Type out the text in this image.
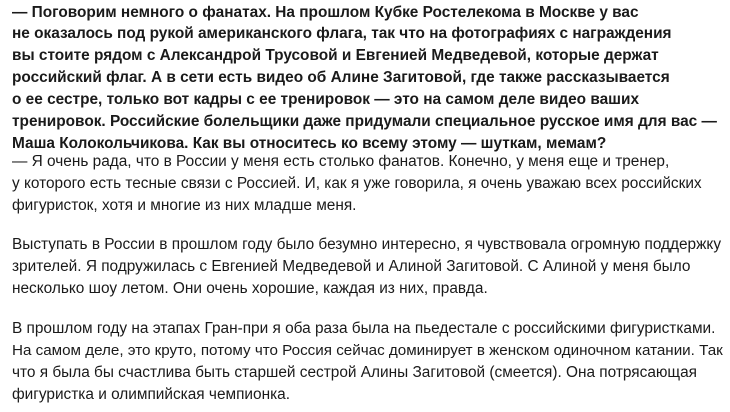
— Поговорим немного о фанатах. На прошлом Кубке Ростелекома в Москве у вас
не оказалось под рукой американского флага, так что на фотографиях с награждения
вы стоите рядом с Александрой Трусовой и Евгенией Медведевой, которые держат
российский флаг. А в сети есть видео об Алине Загитовой, где также рассказывается
о ее сестре, только вот кадры с ее тренировок — это на самом деле видео ваших
тренировок. Российские болельщики даже придумали специальное русское имя для вас —
Маша Колокольчикова. Как вы относитесь ко всему этому — шуткам, мемам?
— Я очень рада, что в России у меня есть столько фанатов. Конечно, у меня еще и тренер,
у которого есть тесные связи с Россией. И, как я уже говорила, я очень уважаю всех российских
фигуристок, хотя и многие из них младше меня.
Выступать в России в прошлом году было безумно интересно, я чувствовала огромную поддержку
зрителей. Я подружилась с Евгенией Медведевой и Алиной Загитовой. С Алиной у меня было
несколько шоу летом. Они очень хорошие, каждая из них, правда.
В прошлом году на этапах Гран-при я оба раза была на пьедестале с российскими фигуристками.
На самом деле, это круто, потому что Россия сейчас доминирует в женском одиночном катании. Так
что я была бы счастлива быть старшей сестрой Алины Загитовой (смеется). Она потрясающая
фигуристка и олимпийская чемпионка.
